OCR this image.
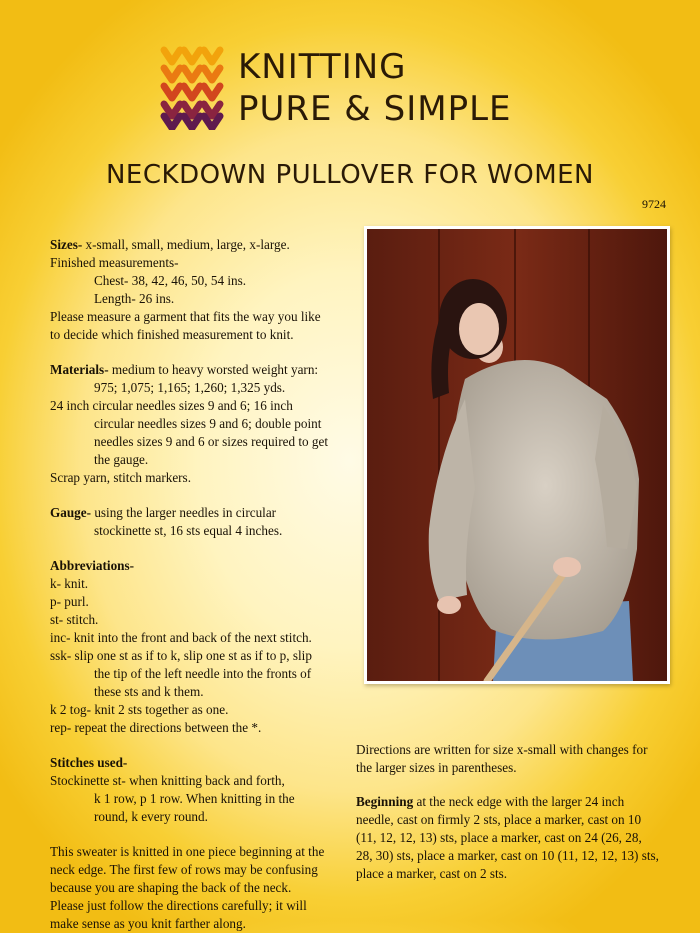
KNITTING
PURE & SIMPLE
NECKDOWN PULLOVER FOR WOMEN
9724

Sizes- x-small, small, medium, large, x-large.

Finished measurements-

Chest- 38, 42, 46, 50, 54 ins.

Length- 26 ins.

Please measure a garment that fits the way you like

to decide which finished measurement to knit.

Materials- medium to heavy worsted weight yarn:

975; 1,075; 1,165; 1,260; 1,325 yds.

24 inch circular needles sizes 9 and 6; 16 inch

circular needles sizes 9 and 6; double point

needles sizes 9 and 6 or sizes required to get

the gauge.

Scrap yarn, stitch markers.

Gauge- using the larger needles in circular

stockinette st, 16 sts equal 4 inches.

Abbreviations-

k- knit.

p- purl.

st- stitch.

inc- knit into the front and back of the next stitch.

ssk- slip one st as if to k, slip one st as if to p, slip

the tip of the left needle into the fronts of

these sts and k them.

k 2 tog- knit 2 sts together as one.

rep- repeat the directions between the *.

Stitches used-

Stockinette st- when knitting back and forth,

k 1 row, p 1 row. When knitting in the

round, k every round.

This sweater is knitted in one piece beginning at the

neck edge. The first few of rows may be confusing

because you are shaping the back of the neck.

Please just follow the directions carefully; it will

make sense as you knit farther along.

Directions are written for size x-small with changes for

the larger sizes in parentheses.

Beginning at the neck edge with the larger 24 inch

needle, cast on firmly 2 sts, place a marker, cast on 10

(11, 12, 12, 13) sts, place a marker, cast on 24 (26, 28,

28, 30) sts, place a marker, cast on 10 (11, 12, 12, 13) sts,

place a marker, cast on 2 sts.
